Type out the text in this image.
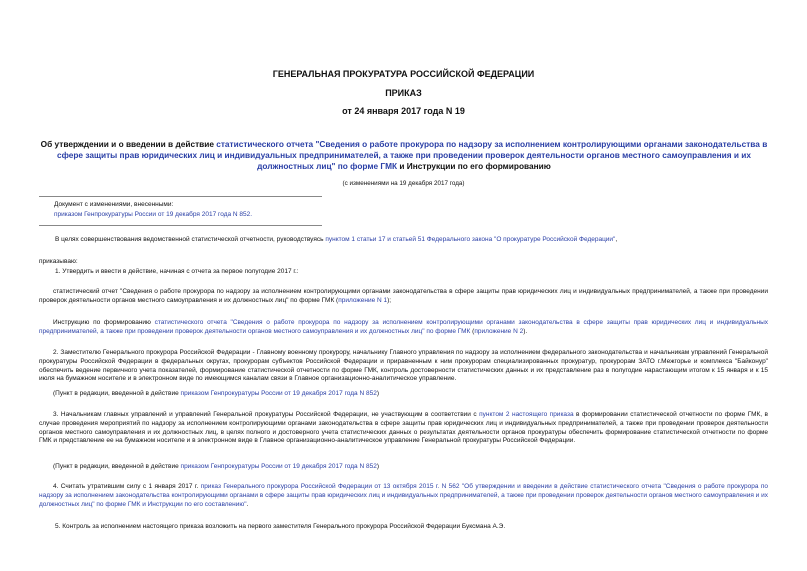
ГЕНЕРАЛЬНАЯ ПРОКУРАТУРА РОССИЙСКОЙ ФЕДЕРАЦИИ
ПРИКАЗ
от 24 января 2017 года N 19
Об утверждении и о введении в действие статистического отчета "Сведения о работе прокурора по надзору за исполнением контролирующими органами законодательства в сфере защиты прав юридических лиц и индивидуальных предпринимателей, а также при проведении проверок деятельности органов местного самоуправления и их должностных лиц" по форме ГМК и Инструкции по его формированию
(с изменениями на 19 декабря 2017 года)
Документ с изменениями, внесенными:
приказом Генпрокуратуры России от 19 декабря 2017 года N 852.
В целях совершенствования ведомственной статистической отчетности, руководствуясь пунктом 1 статьи 17 и статьей 51 Федерального закона "О прокуратуре Российской Федерации",
приказываю:
1. Утвердить и ввести в действие, начиная с отчета за первое полугодие 2017 г.:
статистический отчет "Сведения о работе прокурора по надзору за исполнением контролирующими органами законодательства в сфере защиты прав юридических лиц и индивидуальных предпринимателей, а также при проведении проверок деятельности органов местного самоуправления и их должностных лиц" по форме ГМК (приложение N 1);
Инструкцию по формированию статистического отчета "Сведения о работе прокурора по надзору за исполнением контролирующими органами законодательства в сфере защиты прав юридических лиц и индивидуальных предпринимателей, а также при проведении проверок деятельности органов местного самоуправления и их должностных лиц" по форме ГМК (приложение N 2).
2. Заместителю Генерального прокурора Российской Федерации - Главному военному прокурору, начальнику Главного управления по надзору за исполнением федерального законодательства и начальникам управлений Генеральной прокуратуры Российской Федерации в федеральных округах, прокурорам субъектов Российской Федерации и приравненным к ним прокурорам специализированных прокуратур, прокурорам ЗАТО г.Межгорье и комплекса "Байконур" обеспечить ведение первичного учета показателей, формирование статистической отчетности по форме ГМК, контроль достоверности статистических данных и их представление раз в полугодие нарастающим итогом к 15 января и к 15 июля на бумажном носителе и в электронном виде по имеющимся каналам связи в Главное организационно-аналитическое управление.
(Пункт в редакции, введенной в действие приказом Генпрокуратуры России от 19 декабря 2017 года N 852)
3. Начальникам главных управлений и управлений Генеральной прокуратуры Российской Федерации, не участвующим в соответствии с пунктом 2 настоящего приказа в формировании статистической отчетности по форме ГМК, в случае проведения мероприятий по надзору за исполнением контролирующими органами законодательства в сфере защиты прав юридических лиц и индивидуальных предпринимателей, а также при проведении проверок деятельности органов местного самоуправления и их должностных лиц, в целях полного и достоверного учета статистических данных о результатах деятельности органов прокуратуры обеспечить формирование статистической отчетности по форме ГМК и представление ее на бумажном носителе и в электронном виде в Главное организационно-аналитическое управление Генеральной прокуратуры Российской Федерации.
(Пункт в редакции, введенной в действие приказом Генпрокуратуры России от 19 декабря 2017 года N 852)
4. Считать утратившим силу с 1 января 2017 г. приказ Генерального прокурора Российской Федерации от 13 октября 2015 г. N 562 "Об утверждении и введении в действие статистического отчета "Сведения о работе прокурора по надзору за исполнением законодательства контролирующими органами в сфере защиты прав юридических лиц и индивидуальных предпринимателей, а также при проведении проверок деятельности органов местного самоуправления и их должностных лиц" по форме ГМК и Инструкции по его составлению".
5. Контроль за исполнением настоящего приказа возложить на первого заместителя Генерального прокурора Российской Федерации Буксмана А.Э.
